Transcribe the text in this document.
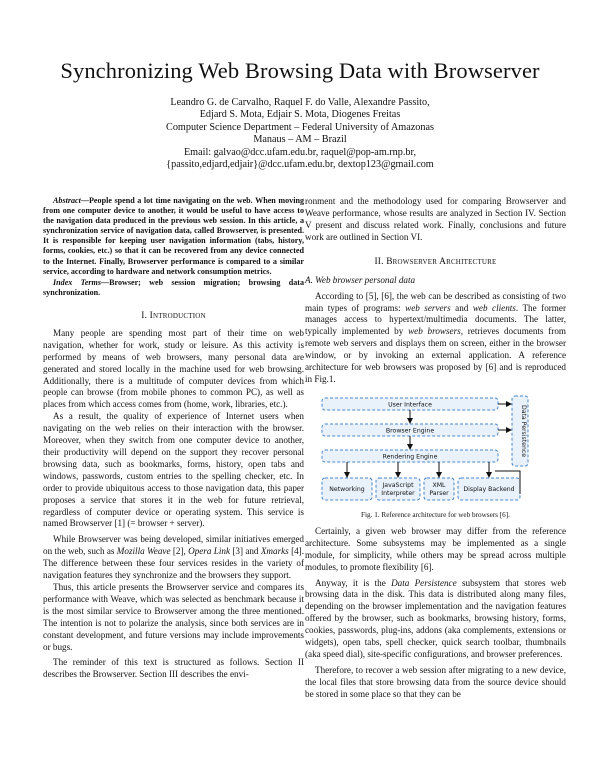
Synchronizing Web Browsing Data with Browserver
Leandro G. de Carvalho, Raquel F. do Valle, Alexandre Passito,
Edjard S. Mota, Edjair S. Mota, Diogenes Freitas
Computer Science Department – Federal University of Amazonas
Manaus – AM – Brazil
Email: galvao@dcc.ufam.edu.br, raquel@pop-am.rnp.br,
{passito,edjard,edjair}@dcc.ufam.edu.br, dextop123@gmail.com
Abstract—People spend a lot time navigating on the web. When moving from one computer device to another, it would be useful to have access to the navigation data produced in the previous web session. In this article, a synchronization service of navigation data, called Browserver, is presented. It is responsible for keeping user navigation information (tabs, history, forms, cookies, etc.) so that it can be recovered from any device connected to the Internet. Finally, Browserver performance is compared to a similar service, according to hardware and network consumption metrics.
Index Terms—Browser; web session migration; browsing data synchronization.
I. Introduction

Many people are spending most part of their time on web navigation, whether for work, study or leisure. As this activity is performed by means of web browsers, many personal data are generated and stored locally in the machine used for web browsing. Additionally, there is a multitude of computer devices from which people can browse (from mobile phones to common PC), as well as places from which access comes from (home, work, libraries, etc.).

As a result, the quality of experience of Internet users when navigating on the web relies on their interaction with the browser. Moreover, when they switch from one computer device to another, their productivity will depend on the support they recover personal browsing data, such as bookmarks, forms, history, open tabs and windows, passwords, custom entries to the spelling checker, etc. In order to provide ubiquitous access to those navigation data, this paper proposes a service that stores it in the web for future retrieval, regardless of computer device or operating system. This service is named Browserver [1] (= browser + server).

While Browserver was being developed, similar initiatives emerged on the web, such as Mozilla Weave [2], Opera Link [3] and Xmarks [4]. The difference between these four services resides in the variety of navigation features they synchronize and the browsers they support.

Thus, this article presents the Browserver service and compares its performance with Weave, which was selected as benchmark because it is the most similar service to Browserver among the three mentioned. The intention is not to polarize the analysis, since both services are in constant development, and future versions may include improvements or bugs.

The reminder of this text is structured as follows. Section II describes the Browserver. Section III describes the envi-

ronment and the methodology used for comparing Browserver and Weave performance, whose results are analyzed in Section IV. Section V present and discuss related work. Finally, conclusions and future work are outlined in Section VI.

II. Browserver Architecture
A. Web browser personal data

According to [5], [6], the web can be described as consisting of two main types of programs: web servers and web clients. The former manages access to hypertext/multimedia documents. The latter, typically implemented by web browsers, retrieves documents from remote web servers and displays them on screen, either in the browser window, or by invoking an external application. A reference architecture for web browsers was proposed by [6] and is reproduced in Fig.1.

User Interface
Browser Engine
Rendering Engine
Networking
JavaScript
Interpreter
XML
Parser
Display Backend
Data Persistence
Fig. 1. Reference architecture for web browsers [6].

Certainly, a given web browser may differ from the reference architecture. Some subsystems may be implemented as a single module, for simplicity, while others may be spread across multiple modules, to promote flexibility [6].

Anyway, it is the Data Persistence subsystem that stores web browsing data in the disk. This data is distributed along many files, depending on the browser implementation and the navigation features offered by the browser, such as bookmarks, browsing history, forms, cookies, passwords, plug-ins, addons (aka complements, extensions or widgets), open tabs, spell checker, quick search toolbar, thumbnails (aka speed dial), site-specific configurations, and browser preferences.

Therefore, to recover a web session after migrating to a new device, the local files that store browsing data from the source device should be stored in some place so that they can be
